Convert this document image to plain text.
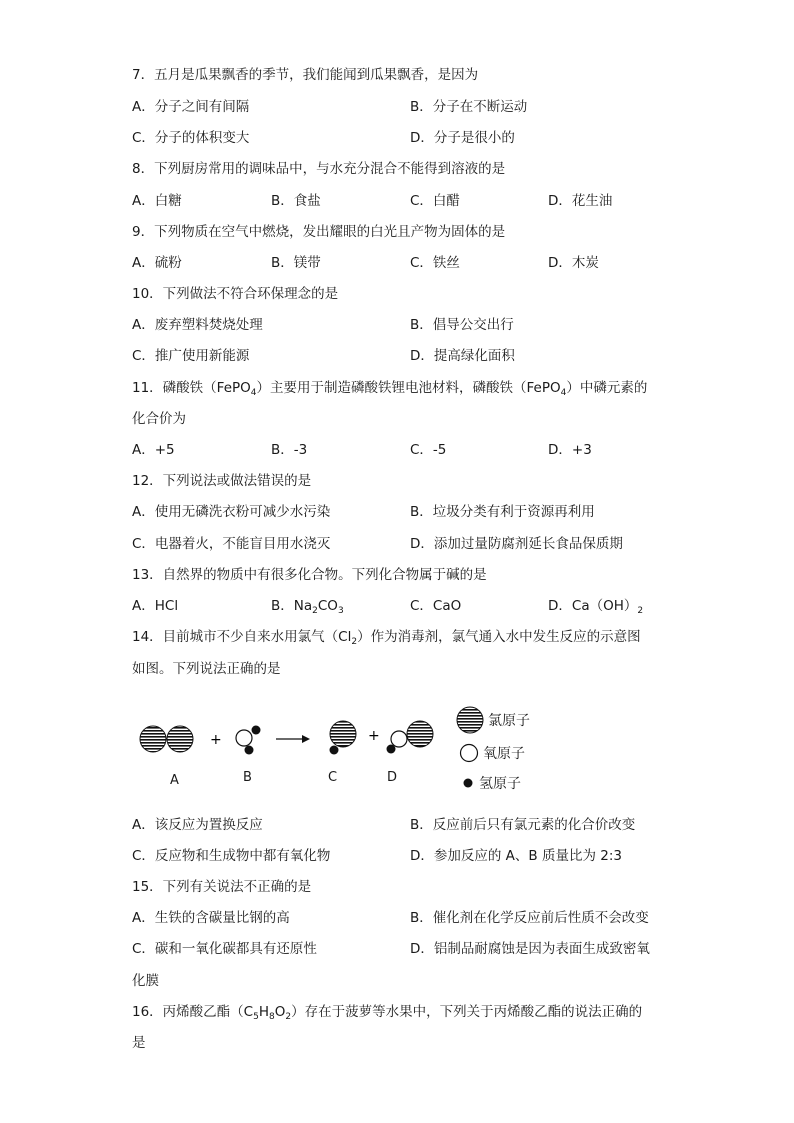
7．五月是瓜果飘香的季节，我们能闻到瓜果飘香，是因为
A．分子之间有间隔	B．分子在不断运动
C．分子的体积变大	D．分子是很小的
8．下列厨房常用的调味品中，与水充分混合不能得到溶液的是
A．白糖	B．食盐	C．白醋	D．花生油
9．下列物质在空气中燃烧，发出耀眼的白光且产物为固体的是
A．硫粉	B．镁带	C．铁丝	D．木炭
10．下列做法不符合环保理念的是
A．废弃塑料焚烧处理	B．倡导公交出行
C．推广使用新能源	D．提高绿化面积
11．磷酸铁（FePO$_4$）主要用于制造磷酸铁锂电池材料，磷酸铁（FePO$_4$）中磷元素的
化合价为
A．+5	B．-3	C．-5	D．+3
12．下列说法或做法错误的是
A．使用无磷洗衣粉可减少水污染	B．垃圾分类有利于资源再利用
C．电器着火，不能盲目用水浇灭	D．添加过量防腐剂延长食品保质期
13．自然界的物质中有很多化合物。下列化合物属于碱的是
A．HCl	B．$Na_2CO_3$	C．CaO	D．$Ca(OH)_2$
14．目前城市不少自来水用氯气$(Cl_2)$作为消毒剂，氯气通入水中发生反应的示意图
如图。下列说法正确的是
+	+
A	B	C	D
氯原子
氧原子
氢原子
A．该反应为置换反应	B．反应前后只有氯元素的化合价改变
C．反应物和生成物中都有氧化物	D．参加反应的 A、B 质量比为 2:3
15．下列有关说法不正确的是
A．生铁的含碳量比钢的高	B．催化剂在化学反应前后性质不会改变
C．碳和一氧化碳都具有还原性	D．铝制品耐腐蚀是因为表面生成致密氧
化膜
16．丙烯酸乙酯$(C_5H_8O_2)$存在于菠萝等水果中，下列关于丙烯酸乙酯的说法正确的
是
